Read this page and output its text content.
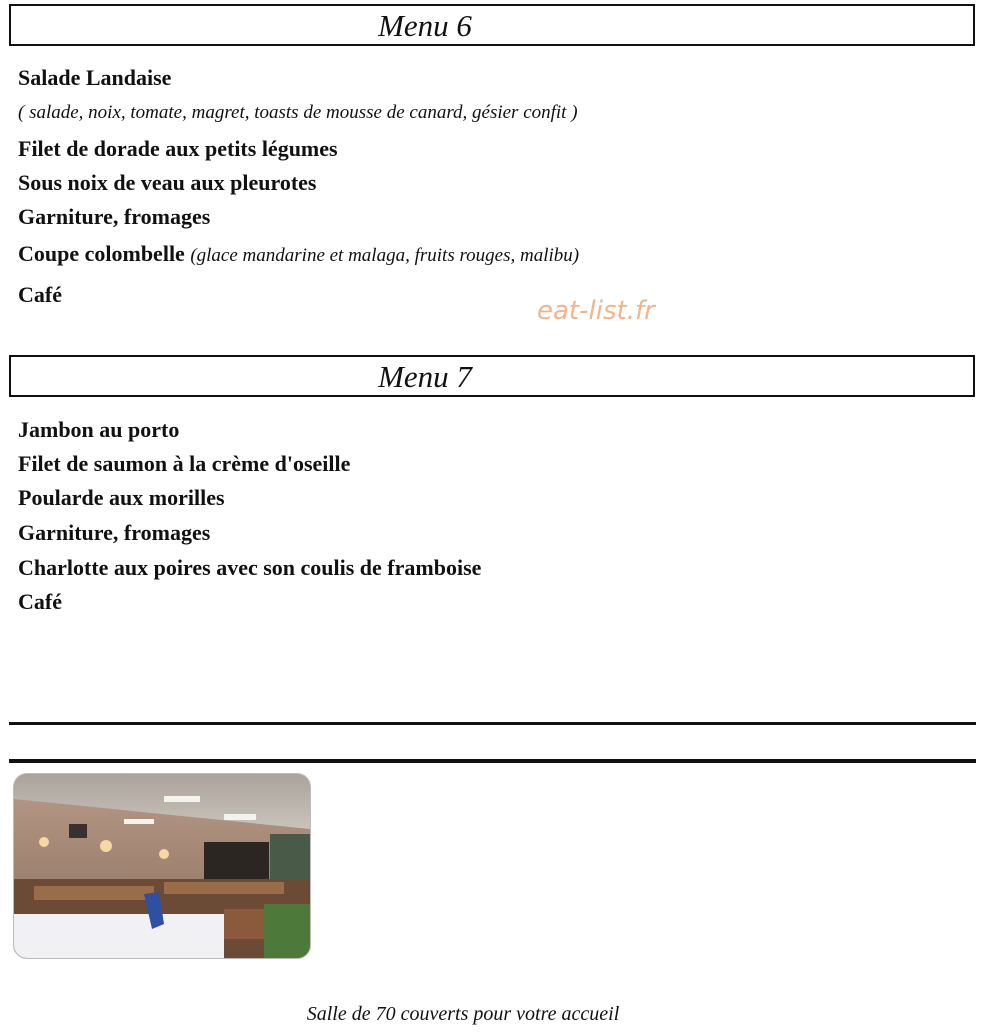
Menu 6
Salade Landaise
( salade, noix, tomate, magret, toasts de mousse de canard, gésier confit )
Filet de dorade aux petits légumes
Sous noix de veau aux pleurotes
Garniture, fromages
Coupe colombelle (glace mandarine et malaga, fruits rouges, malibu)
Café
eat-list.fr
Menu 7
Jambon au porto
Filet de saumon à la crème d'oseille
Poularde aux morilles
Garniture, fromages
Charlotte aux poires avec son coulis de framboise
Café
Salle de 70 couverts pour votre accueil
